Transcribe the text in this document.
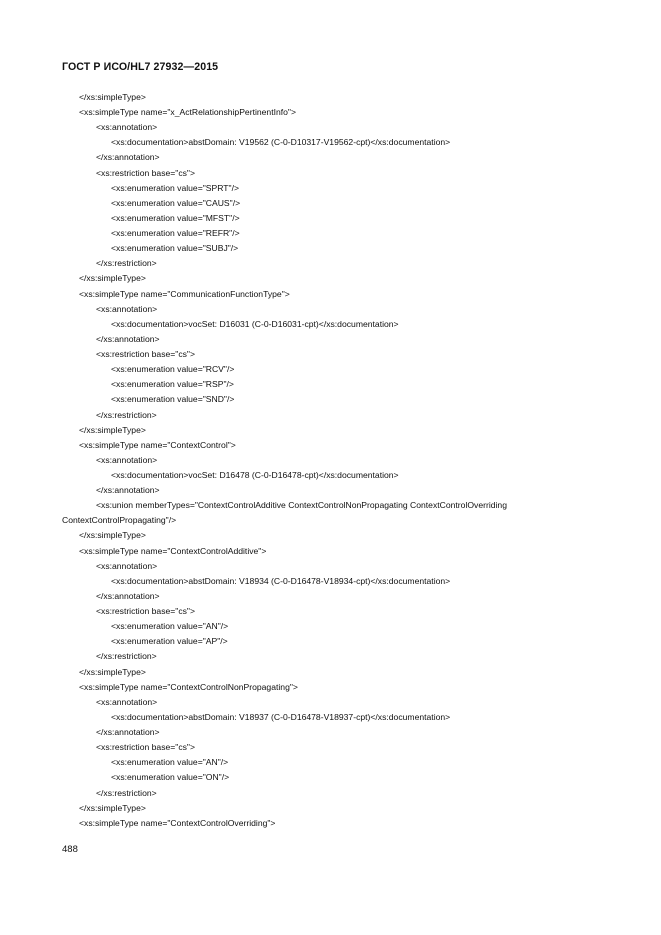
ГОСТ Р ИСО/HL7 27932—2015
</xs:simpleType>
<xs:simpleType name="x_ActRelationshipPertinentInfo">
<xs:annotation>
<xs:documentation>abstDomain: V19562 (C-0-D10317-V19562-cpt)</xs:documentation>
</xs:annotation>
<xs:restriction base="cs">
<xs:enumeration value="SPRT"/>
<xs:enumeration value="CAUS"/>
<xs:enumeration value="MFST"/>
<xs:enumeration value="REFR"/>
<xs:enumeration value="SUBJ"/>
</xs:restriction>
</xs:simpleType>
<xs:simpleType name="CommunicationFunctionType">
<xs:annotation>
<xs:documentation>vocSet: D16031 (C-0-D16031-cpt)</xs:documentation>
</xs:annotation>
<xs:restriction base="cs">
<xs:enumeration value="RCV"/>
<xs:enumeration value="RSP"/>
<xs:enumeration value="SND"/>
</xs:restriction>
</xs:simpleType>
<xs:simpleType name="ContextControl">
<xs:annotation>
<xs:documentation>vocSet: D16478 (C-0-D16478-cpt)</xs:documentation>
</xs:annotation>
<xs:union memberTypes="ContextControlAdditive ContextControlNonPropagating ContextControlOverriding
ContextControlPropagating"/>
</xs:simpleType>
<xs:simpleType name="ContextControlAdditive">
<xs:annotation>
<xs:documentation>abstDomain: V18934 (C-0-D16478-V18934-cpt)</xs:documentation>
</xs:annotation>
<xs:restriction base="cs">
<xs:enumeration value="AN"/>
<xs:enumeration value="AP"/>
</xs:restriction>
</xs:simpleType>
<xs:simpleType name="ContextControlNonPropagating">
<xs:annotation>
<xs:documentation>abstDomain: V18937 (C-0-D16478-V18937-cpt)</xs:documentation>
</xs:annotation>
<xs:restriction base="cs">
<xs:enumeration value="AN"/>
<xs:enumeration value="ON"/>
</xs:restriction>
</xs:simpleType>
<xs:simpleType name="ContextControlOverriding">
488
